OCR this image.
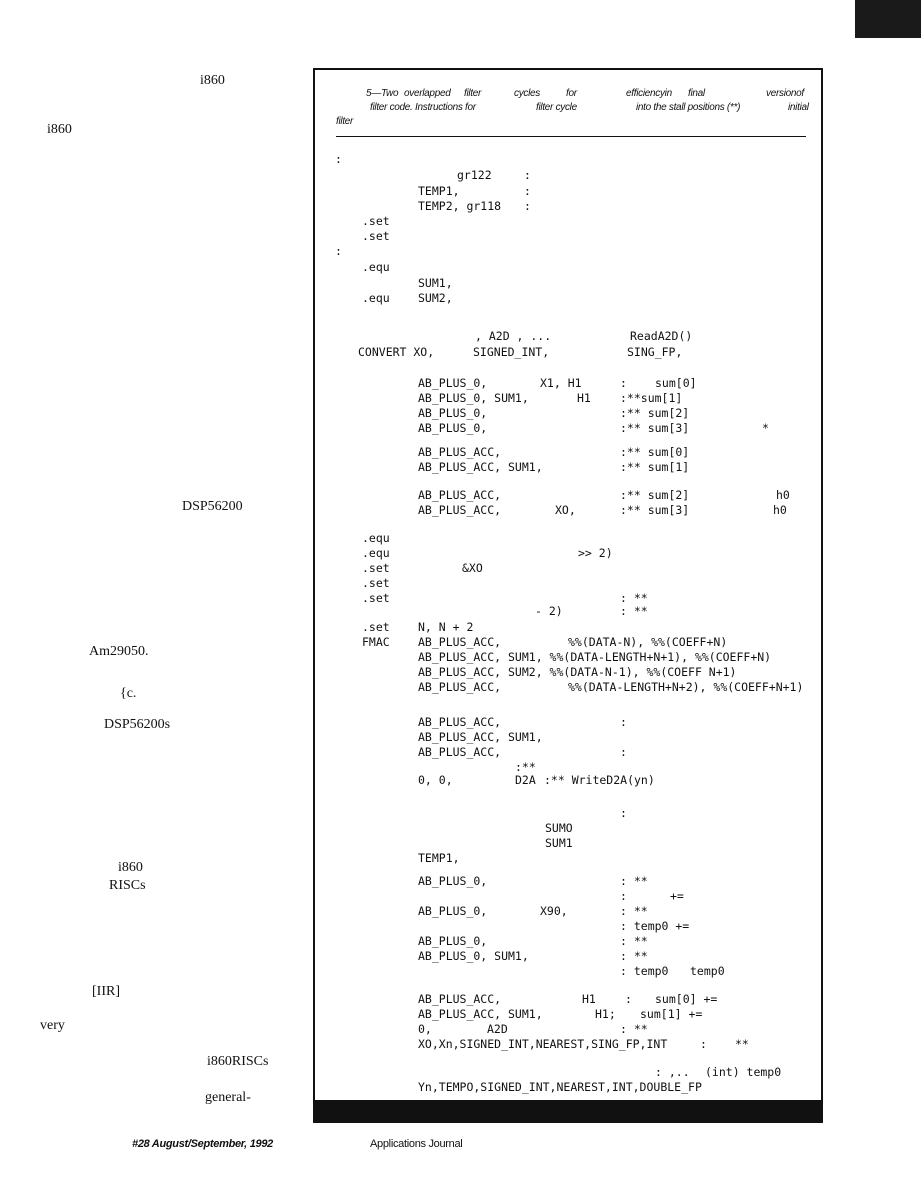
i860
i860
DSP56200
Am29050.
{c.
DSP56200s
i860
RISCs
[IIR]
very
i860RISCs
general-
5—Two overlapped filter	cycles	for	efficiencyin final	versionof
filter code. Instructions for	filter cycle	into the stall positions (**)	initial
filter
:
gr122	:
TEMP1,	:
TEMP2, gr118 :
.set
.set
:
.equ
SUM1,
.equ SUM2,
, A2D , ...	ReadA2D()
CONVERT XO,	SIGNED_INT,	SING_FP,
AB_PLUS_0,	X1, H1	: sum[0]
AB_PLUS_0, SUM1,	H1	:**sum[1]
AB_PLUS_0,	:** sum[2]
AB_PLUS_0,	:** sum[3]	*
AB_PLUS_ACC,	:** sum[0]
AB_PLUS_ACC, SUM1,	:** sum[1]
AB_PLUS_ACC,	:** sum[2]	h0
AB_PLUS_ACC,	XO,	:** sum[3]	h0
.equ
.equ	>> 2)
.set	&XO
.set
.set	: **
- 2)	: **
.set N, N + 2
FMAC AB_PLUS_ACC,	%%(DATA-N), %%(COEFF+N)
AB_PLUS_ACC, SUM1, %%(DATA-LENGTH+N+1), %%(COEFF+N)
AB_PLUS_ACC, SUM2, %%(DATA-N-1), %%(COEFF N+1)
AB_PLUS_ACC,	%%(DATA-LENGTH+N+2), %%(COEFF+N+1)
AB_PLUS_ACC,	:
AB_PLUS_ACC, SUM1,
AB_PLUS_ACC,	:
:**
0, 0,	D2A :** WriteD2A(yn)
:
SUMO
SUM1
TEMP1,
AB_PLUS_0,	: **
:	+=
AB_PLUS_0,	X90,	: **
: temp0 +=
AB_PLUS_0,	: **
AB_PLUS_0, SUM1,	: **
: temp0 temp0
AB_PLUS_ACC,	H1	: sum[0] +=
AB_PLUS_ACC, SUM1,	H1; sum[1] +=
0,	A2D	: **
XO,Xn,SIGNED_INT,NEAREST,SING_FP,INT	: **
: ,.. (int) temp0
Yn,TEMPO,SIGNED_INT,NEAREST,INT,DOUBLE_FP
#28 August/September, 1992	Applications Journal
